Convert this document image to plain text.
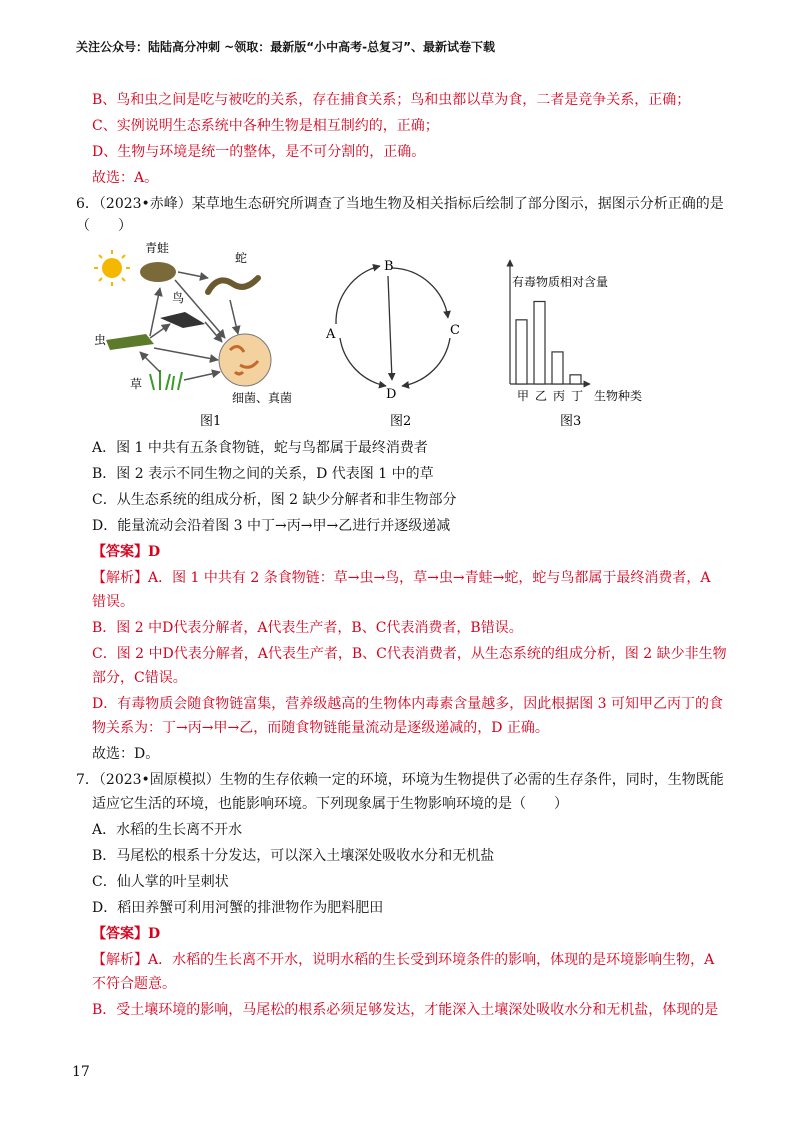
关注公众号：陆陆高分冲刺 ~领取：最新版“小中高考-总复习”、最新试卷下载
B、鸟和虫之间是吃与被吃的关系，存在捕食关系；鸟和虫都以草为食，二者是竞争关系，正确；
C、实例说明生态系统中各种生物是相互制约的，正确；
D、生物与环境是统一的整体，是不可分割的，正确。
故选：A。
6．（2023•赤峰）某草地生态研究所调查了当地生物及相关指标后绘制了部分图示，据图示分析正确的是
（　　）
青蛙
蛇
鸟
虫
草
细菌、真菌
图1
B
C
A
D
图2
有毒物质相对含量
生物种类
图3
甲 乙 丙 丁
A．图 1 中共有五条食物链，蛇与鸟都属于最终消费者
B．图 2 表示不同生物之间的关系，D 代表图 1 中的草
C．从生态系统的组成分析，图 2 缺少分解者和非生物部分
D．能量流动会沿着图 3 中丁→丙→甲→乙进行并逐级递减
【答案】D
【解析】A．图 1 中共有 2 条食物链：草→虫→鸟，草→虫→青蛙→蛇，蛇与鸟都属于最终消费者，A
错误。
B．图 2 中D代表分解者，A代表生产者，B、C代表消费者，B错误。
C．图 2 中D代表分解者，A代表生产者，B、C代表消费者，从生态系统的组成分析，图 2 缺少非生物
部分，C错误。
D．有毒物质会随食物链富集，营养级越高的生物体内毒素含量越多，因此根据图 3 可知甲乙丙丁的食
物关系为：丁→丙→甲→乙，而随食物链能量流动是逐级递减的，D 正确。
故选：D。
7．（2023•固原模拟）生物的生存依赖一定的环境，环境为生物提供了必需的生存条件，同时，生物既能
适应它生活的环境，也能影响环境。下列现象属于生物影响环境的是（　　）
A．水稻的生长离不开水
B．马尾松的根系十分发达，可以深入土壤深处吸收水分和无机盐
C．仙人掌的叶呈刺状
D．稻田养蟹可利用河蟹的排泄物作为肥料肥田
【答案】D
【解析】A．水稻的生长离不开水，说明水稻的生长受到环境条件的影响，体现的是环境影响生物，A
不符合题意。
B．受土壤环境的影响，马尾松的根系必须足够发达，才能深入土壤深处吸收水分和无机盐，体现的是
17
